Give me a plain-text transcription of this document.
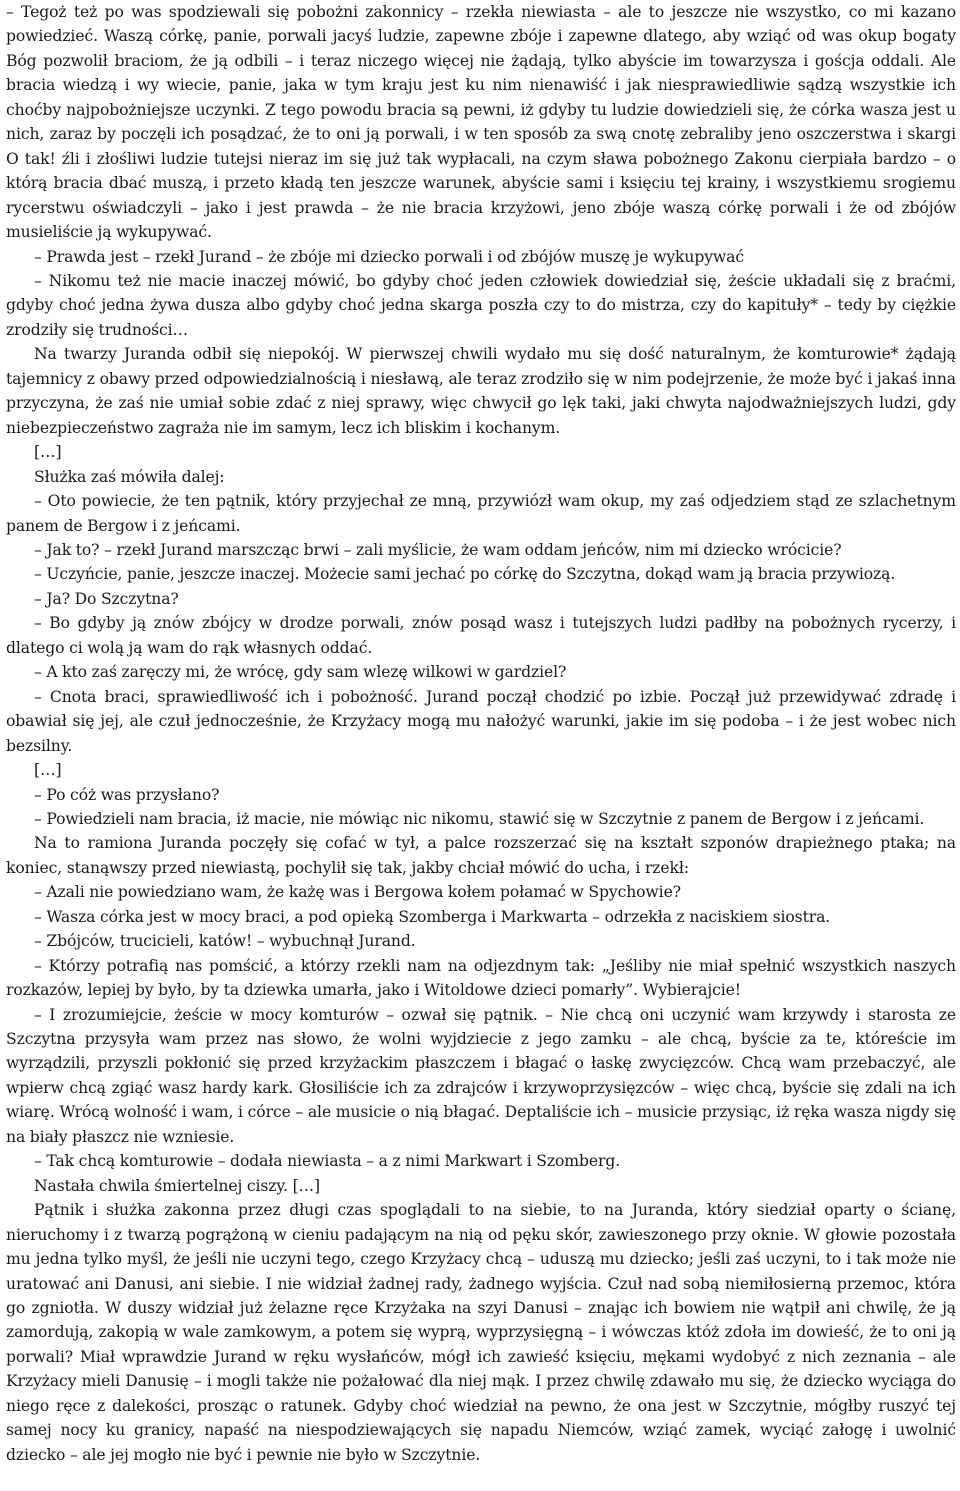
– Tegoż też po was spodziewali się pobożni zakonnicy – rzekła niewiasta – ale to jeszcze nie wszystko, co mi kazano powiedzieć. Waszą córkę, panie, porwali jacyś ludzie, zapewne zbóje i zapewne dlatego, aby wziąć od was okup bogaty Bóg pozwolił braciom, że ją odbili – i teraz niczego więcej nie żądają, tylko abyście im towarzysza i goścja oddali. Ale bracia wiedzą i wy wiecie, panie, jaka w tym kraju jest ku nim nienawiść i jak niesprawiedliwie sądzą wszystkie ich choćby najpobożniejsze uczynki. Z tego powodu bracia są pewni, iż gdyby tu ludzie dowiedzieli się, że córka wasza jest u nich, zaraz by poczęli ich posądzać, że to oni ją porwali, i w ten sposób za swą cnotę zebraliby jeno oszczerstwa i skargi O tak! źli i złośliwi ludzie tutejsi nieraz im się już tak wypłacali, na czym sława pobożnego Zakonu cierpiała bardzo – o którą bracia dbać muszą, i przeto kładą ten jeszcze warunek, abyście sami i księciu tej krainy, i wszystkiemu srogiemu rycerstwu oświadczyli – jako i jest prawda – że nie bracia krzyżowi, jeno zbóje waszą córkę porwali i że od zbójów musieliście ją wykupywać.

– Prawda jest – rzekł Jurand – że zbóje mi dziecko porwali i od zbójów muszę je wykupywać

– Nikomu też nie macie inaczej mówić, bo gdyby choć jeden człowiek dowiedział się, żeście układali się z braćmi, gdyby choć jedna żywa dusza albo gdyby choć jedna skarga poszła czy to do mistrza, czy do kapituły* – tedy by ciężkie zrodziły się trudności…

Na twarzy Juranda odbił się niepokój. W pierwszej chwili wydało mu się dość naturalnym, że komturowie* żądają tajemnicy z obawy przed odpowiedzialnością i niesławą, ale teraz zrodziło się w nim podejrzenie, że może być i jakaś inna przyczyna, że zaś nie umiał sobie zdać z niej sprawy, więc chwycił go lęk taki, jaki chwyta najodważniejszych ludzi, gdy niebezpieczeństwo zagraża nie im samym, lecz ich bliskim i kochanym.

[…]

Służka zaś mówiła dalej:

– Oto powiecie, że ten pątnik, który przyjechał ze mną, przywiózł wam okup, my zaś odjedziem stąd ze szlachetnym panem de Bergow i z jeńcami.

– Jak to? – rzekł Jurand marszcząc brwi – zali myślicie, że wam oddam jeńców, nim mi dziecko wrócicie?

– Uczyńcie, panie, jeszcze inaczej. Możecie sami jechać po córkę do Szczytna, dokąd wam ją bracia przywiozą.

– Ja? Do Szczytna?

– Bo gdyby ją znów zbójcy w drodze porwali, znów posąd wasz i tutejszych ludzi padłby na pobożnych rycerzy, i dlatego ci wolą ją wam do rąk własnych oddać.

– A kto zaś zaręczy mi, że wrócę, gdy sam wlezę wilkowi w gardziel?

– Cnota braci, sprawiedliwość ich i pobożność. Jurand począł chodzić po izbie. Począł już przewidywać zdradę i obawiał się jej, ale czuł jednocześnie, że Krzyżacy mogą mu nałożyć warunki, jakie im się podoba – i że jest wobec nich bezsilny.

[…]

– Po cóż was przysłano?

– Powiedzieli nam bracia, iż macie, nie mówiąc nic nikomu, stawić się w Szczytnie z panem de Bergow i z jeńcami.

Na to ramiona Juranda poczęły się cofać w tył, a palce rozszerzać się na kształt szponów drapieżnego ptaka; na koniec, stanąwszy przed niewiastą, pochylił się tak, jakby chciał mówić do ucha, i rzekł:

– Azali nie powiedziano wam, że każę was i Bergowa kołem połamać w Spychowie?

– Wasza córka jest w mocy braci, a pod opieką Szomberga i Markwarta – odrzekła z naciskiem siostra.

– Zbójców, trucicieli, katów! – wybuchnął Jurand.

– Którzy potrafią nas pomścić, a którzy rzekli nam na odjezdnym tak: „Jeśliby nie miał spełnić wszystkich naszych rozkazów, lepiej by było, by ta dziewka umarła, jako i Witoldowe dzieci pomarły”. Wybierajcie!

– I zrozumiejcie, żeście w mocy komturów – ozwał się pątnik. – Nie chcą oni uczynić wam krzywdy i starosta ze Szczytna przysyła wam przez nas słowo, że wolni wyjdziecie z jego zamku – ale chcą, byście za te, któreście im wyrządzili, przyszli pokłonić się przed krzyżackim płaszczem i błagać o łaskę zwycięzców. Chcą wam przebaczyć, ale wpierw chcą zgiąć wasz hardy kark. Głosiliście ich za zdrajców i krzywoprzysięzców – więc chcą, byście się zdali na ich wiarę. Wrócą wolność i wam, i córce – ale musicie o nią błagać. Deptaliście ich – musicie przysiąc, iż ręka wasza nigdy się na biały płaszcz nie wzniesie.

– Tak chcą komturowie – dodała niewiasta – a z nimi Markwart i Szomberg.

Nastała chwila śmiertelnej ciszy. […]

Pątnik i służka zakonna przez długi czas spoglądali to na siebie, to na Juranda, który siedział oparty o ścianę, nieruchomy i z twarzą pogrążoną w cieniu padającym na nią od pęku skór, zawieszonego przy oknie. W głowie pozostała mu jedna tylko myśl, że jeśli nie uczyni tego, czego Krzyżacy chcą – uduszą mu dziecko; jeśli zaś uczyni, to i tak może nie uratować ani Danusi, ani siebie. I nie widział żadnej rady, żadnego wyjścia. Czuł nad sobą niemiłosierną przemoc, która go zgniotła. W duszy widział już żelazne ręce Krzyżaka na szyi Danusi – znając ich bowiem nie wątpił ani chwilę, że ją zamordują, zakopią w wale zamkowym, a potem się wyprą, wyprzysięgną – i wówczas któż zdoła im dowieść, że to oni ją porwali? Miał wprawdzie Jurand w ręku wysłańców, mógł ich zawieść księciu, mękami wydobyć z nich zeznania – ale Krzyżacy mieli Danusię – i mogli także nie pożałować dla niej mąk. I przez chwilę zdawało mu się, że dziecko wyciąga do niego ręce z dalekości, prosząc o ratunek. Gdyby choć wiedział na pewno, że ona jest w Szczytnie, mógłby ruszyć tej samej nocy ku granicy, napaść na niespodziewających się napadu Niemców, wziąć zamek, wyciąć załogę i uwolnić dziecko – ale jej mogło nie być i pewnie nie było w Szczytnie.
